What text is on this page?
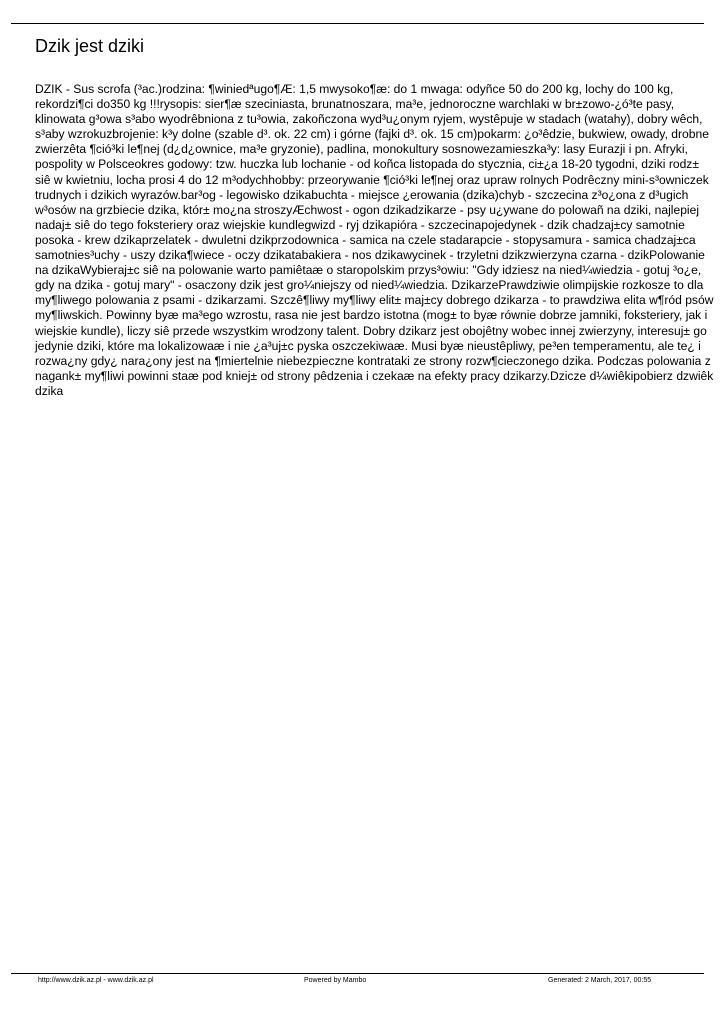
Dzik jest dziki

DZIK - Sus scrofa (³ac.)rodzina: ¶winiedªugo¶Æ: 1,5 mwysoko¶æ: do 1 mwaga: odyñce 50 do 200 kg, lochy do 100 kg, rekordzi¶ci do350 kg !!!rysopis: sier¶æ szeciniasta, brunatnoszara, ma³e, jednoroczne warchlaki w br±zowo-¿ó³te pasy, klinowata g³owa s³abo wyodrêbniona z tu³owia, zakoñczona wyd³u¿onym ryjem, wystêpuje w stadach (watahy), dobry wêch, s³aby wzrokuzbrojenie: k³y dolne (szable d³. ok. 22 cm) i górne (fajki d³. ok. 15 cm)pokarm: ¿o³êdzie, bukwiew, owady, drobne zwierzêta ¶ció³ki le¶nej (d¿d¿ownice, ma³e gryzonie), padlina, monokultury sosnowezamieszka³y: lasy Eurazji i pn. Afryki, pospolity w Polsceokres godowy: tzw. huczka lub lochanie - od koñca listopada do stycznia, ci±¿a 18-20 tygodni, dziki rodz± siê w kwietniu, locha prosi 4 do 12 m³odychhobby: przeorywanie ¶ció³ki le¶nej oraz upraw rolnych Podrêczny mini-s³owniczek trudnych i dzikich wyrazów.bar³og - legowisko dzikabuchta - miejsce ¿erowania (dzika)chyb - szczecina z³o¿ona z d³ugich w³osów na grzbiecie dzika, któr± mo¿na stroszyÆchwost - ogon dzikadzikarze - psy u¿ywane do polowañ na dziki, najlepiej nadaj± siê do tego foksteriery oraz wiejskie kundlegwizd - ryj dzikapióra - szczecinapojedynek - dzik chadzaj±cy samotnie posoka - krew dzikaprzelatek - dwuletni dzikprzodownica - samica na czele stadarapcie - stopysamura - samica chadzaj±ca samotnies³uchy - uszy dzika¶wiece - oczy dzikatabakiera - nos dzikawycinek - trzyletni dzikzwierzyna czarna - dzikPolowanie na dzikaWybieraj±c siê na polowanie warto pamiêtaæ o staropolskim przys³owiu: "Gdy idziesz na nied¼wiedzia - gotuj ³o¿e, gdy na dzika - gotuj mary" - osaczony dzik jest gro¼niejszy od nied¼wiedzia. DzikarzePrawdziwie olimpijskie rozkosze to dla my¶liwego polowania z psami - dzikarzami. Szczê¶liwy my¶liwy elit± maj±cy dobrego dzikarza - to prawdziwa elita w¶ród psów my¶liwskich. Powinny byæ ma³ego wzrostu, rasa nie jest bardzo istotna (mog± to byæ równie dobrze jamniki, foksteriery, jak i wiejskie kundle), liczy siê przede wszystkim wrodzony talent. Dobry dzikarz jest obojêtny wobec innej zwierzyny, interesuj± go jedynie dziki, które ma lokalizowaæ i nie ¿a³uj±c pyska oszczekiwaæ. Musi byæ nieustêpliwy, pe³en temperamentu, ale te¿ i rozwa¿ny gdy¿ nara¿ony jest na ¶miertelnie niebezpieczne kontrataki ze strony rozw¶cieczonego dzika. Podczas polowania z nagank± my¶liwi powinni staæ pod kniej± od strony pêdzenia i czekaæ na efekty pracy dzikarzy.Dzicze d¼wiêkipobierz dzwiêk dzika

http://www.dzik.az.pl - www.dzik.az.pl	Powered by Mambo	Generated: 2 March, 2017, 00:55
